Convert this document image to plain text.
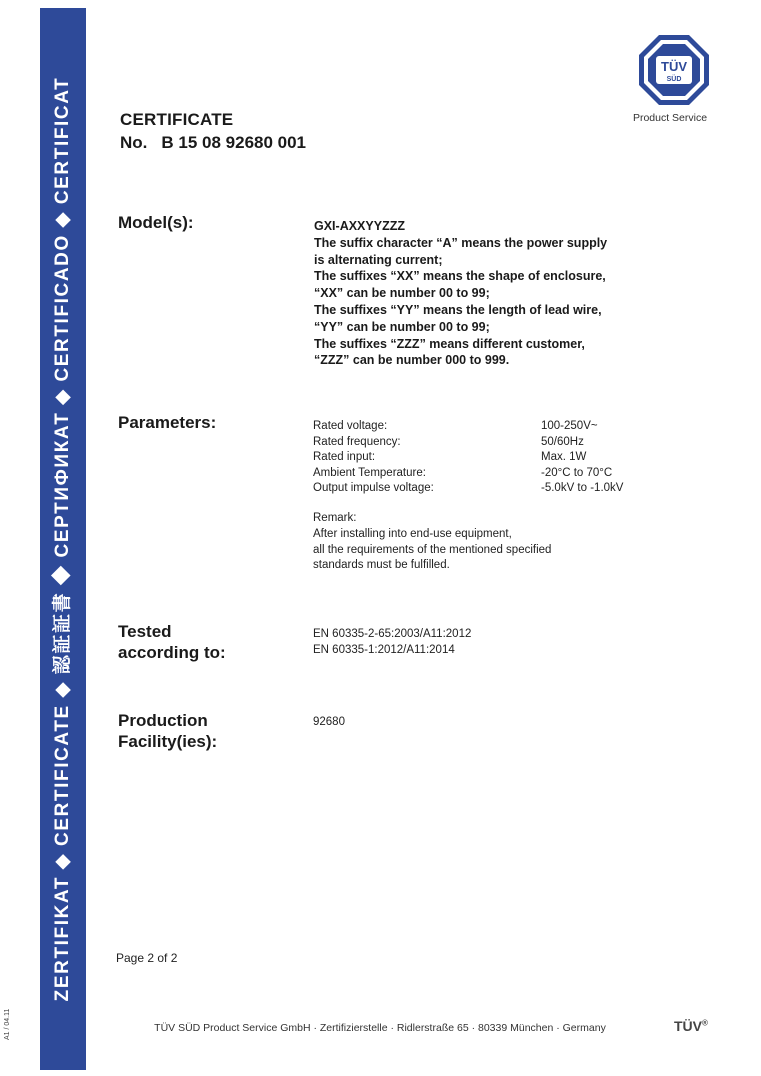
ZERTIFIKAT ◆ CERTIFICATE ◆ 認証証書 ◆ СЕРТИФИКАТ ◆ CERTIFICADO ◆ CERTIFICAT
A1 / 04.11
TÜV
SÜD
Product Service
CERTIFICATE
No. B 15 08 92680 001
Model(s):	GXI-AXXYYZZZ
The suffix character “A” means the power supply
is alternating current;
The suffixes “XX” means the shape of enclosure,
“XX” can be number 00 to 99;
The suffixes “YY” means the length of lead wire,
“YY” can be number 00 to 99;
The suffixes “ZZZ” means different customer,
“ZZZ” can be number 000 to 999.
Parameters:	Rated voltage:	100-250V~
Rated frequency:	50/60Hz
Rated input:	Max. 1W
Ambient Temperature:	-20°C to 70°C
Output impulse voltage:	-5.0kV to -1.0kV
Remark:
After installing into end-use equipment,
all the requirements of the mentioned specified
standards must be fulfilled.
Tested
according to:
EN 60335-2-65:2003/A11:2012
EN 60335-1:2012/A11:2014
Production
Facility(ies):
92680
Page 2 of 2
TÜV SÜD Product Service GmbH · Zertifizierstelle · Ridlerstraße 65 · 80339 München · Germany	TÜV®
